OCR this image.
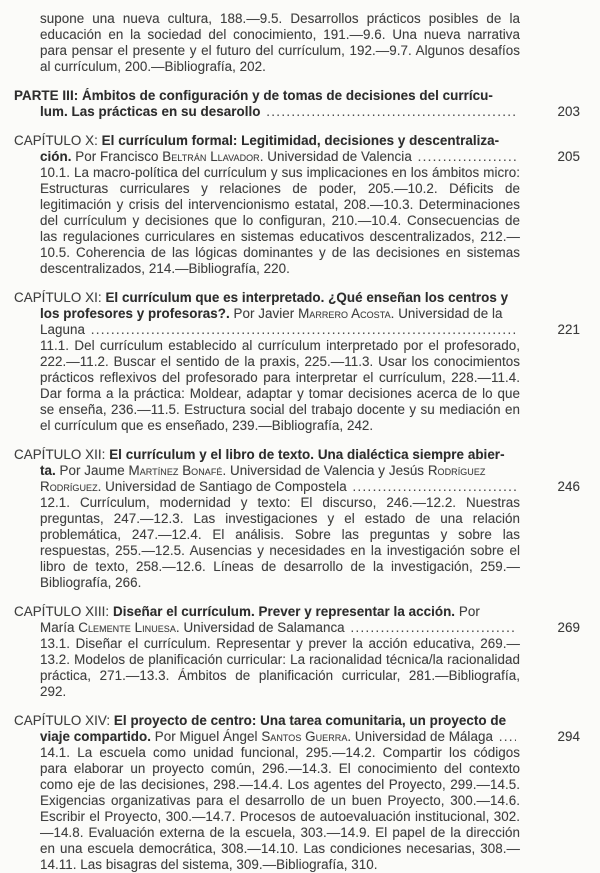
supone una nueva cultura, 188.—9.5. Desarrollos prácticos posibles de la educación en la sociedad del conocimiento, 191.—9.6. Una nueva narrativa para pensar el presente y el futuro del currículum, 192.—9.7. Algunos desafíos al currículum, 200.—Bibliografía, 202.

PARTE III: Ámbitos de configuración y de tomas de decisiones del currícu-
lum. Las prácticas en su desarollo .....	203
CAPÍTULO X: El currículum formal: Legitimidad, decisiones y descentraliza-
ción. Por Francisco Beltrán Llavador. Universidad de Valencia .....	205

10.1. La macro-política del currículum y sus implicaciones en los ámbitos micro: Estructuras curriculares y relaciones de poder, 205.—10.2. Déficits de legitimación y crisis del intervencionismo estatal, 208.—10.3. Determinaciones del currículum y decisiones que lo configuran, 210.—10.4. Consecuencias de las regulaciones curriculares en sistemas educativos descentralizados, 212.—10.5. Coherencia de las lógicas dominantes y de las decisiones en sistemas descentralizados, 214.—Bibliografía, 220.

CAPÍTULO XI: El currículum que es interpretado. ¿Qué enseñan los centros y
los profesores y profesoras?. Por Javier Marrero Acosta. Universidad de la
Laguna .....	221

11.1. Del currículum establecido al currículum interpretado por el profesorado, 222.—11.2. Buscar el sentido de la praxis, 225.—11.3. Usar los conocimientos prácticos reflexivos del profesorado para interpretar el currículum, 228.—11.4. Dar forma a la práctica: Moldear, adaptar y tomar decisiones acerca de lo que se enseña, 236.—11.5. Estructura social del trabajo docente y su mediación en el currículum que es enseñado, 239.—Bibliografía, 242.

CAPÍTULO XII: El currículum y el libro de texto. Una dialéctica siempre abier-
ta. Por Jaume Martínez Bonafé. Universidad de Valencia y Jesús Rodríguez
Rodríguez. Universidad de Santiago de Compostela .....	246

12.1. Currículum, modernidad y texto: El discurso, 246.—12.2. Nuestras preguntas, 247.—12.3. Las investigaciones y el estado de una relación problemática, 247.—12.4. El análisis. Sobre las preguntas y sobre las respuestas, 255.—12.5. Ausencias y necesidades en la investigación sobre el libro de texto, 258.—12.6. Líneas de desarrollo de la investigación, 259.—Bibliografía, 266.

CAPÍTULO XIII: Diseñar el currículum. Prever y representar la acción. Por
María Clemente Linuesa. Universidad de Salamanca .....	269

13.1. Diseñar el currículum. Representar y prever la acción educativa, 269.—13.2. Modelos de planificación curricular: La racionalidad técnica/la racionalidad práctica, 271.—13.3. Ámbitos de planificación curricular, 281.—Bibliografía, 292.

CAPÍTULO XIV: El proyecto de centro: Una tarea comunitaria, un proyecto de
viaje compartido. Por Miguel Ángel Santos Guerra. Universidad de Málaga .....	294

14.1. La escuela como unidad funcional, 295.—14.2. Compartir los códigos para elaborar un proyecto común, 296.—14.3. El conocimiento del contexto como eje de las decisiones, 298.—14.4. Los agentes del Proyecto, 299.—14.5. Exigencias organizativas para el desarrollo de un buen Proyecto, 300.—14.6. Escribir el Proyecto, 300.—14.7. Procesos de autoevaluación institucional, 302.—14.8. Evaluación externa de la escuela, 303.—14.9. El papel de la dirección en una escuela democrática, 308.—14.10. Las condiciones necesarias, 308.—14.11. Las bisagras del sistema, 309.—Bibliografía, 310.
